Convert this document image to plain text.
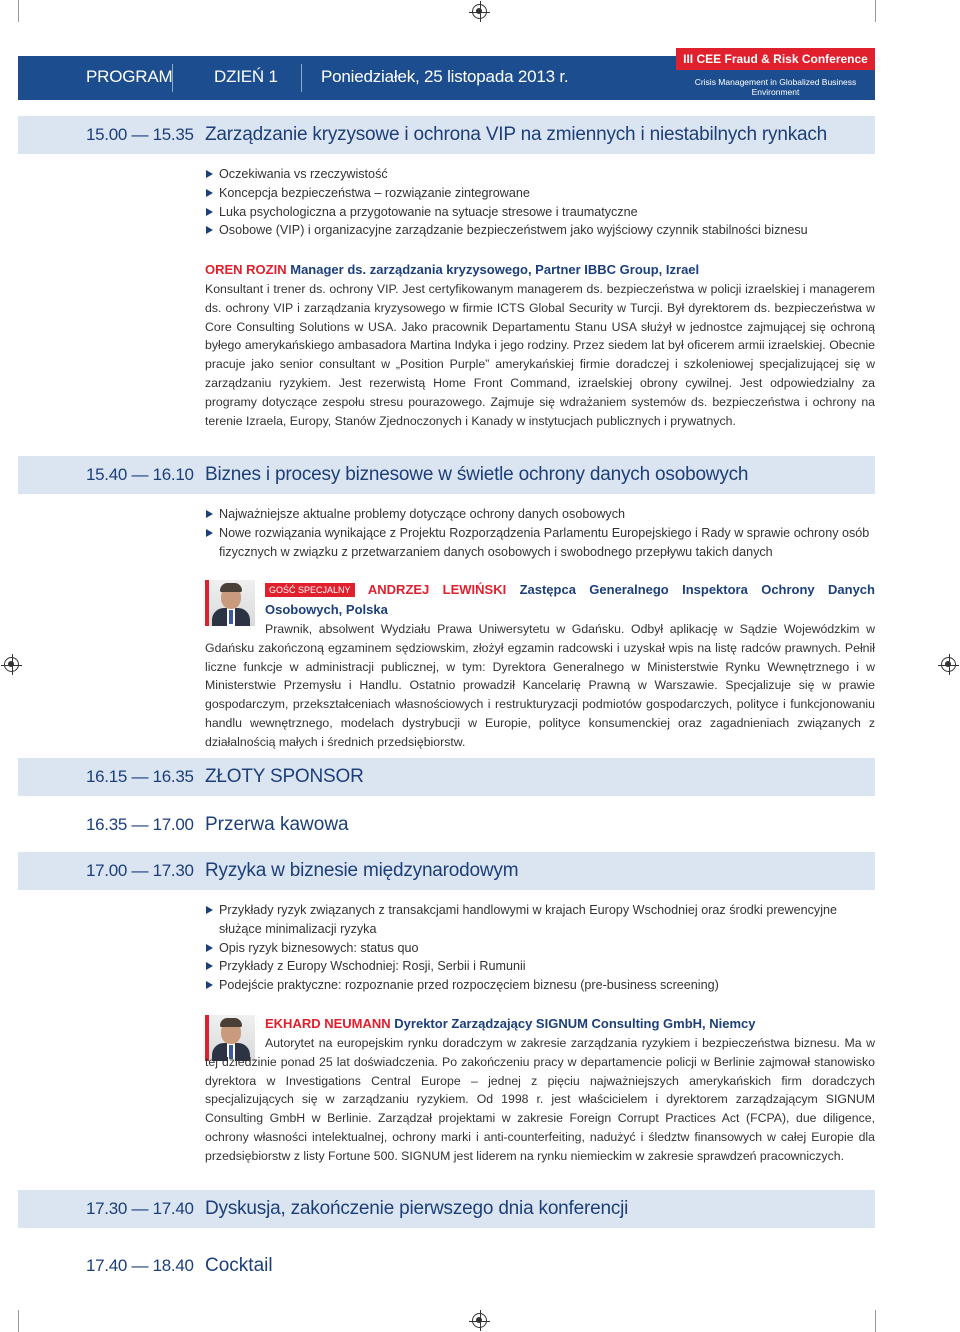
PROGRAM DZIEŃ 1	Poniedziałek, 25 listopada 2013 r.
III CEE Fraud & Risk Conference
Crisis Management in Globalized Business Environment
15.00 — 15.35 Zarządzanie kryzysowe i ochrona VIP na zmiennych i niestabilnych rynkach
Oczekiwania vs rzeczywistość
Koncepcja bezpieczeństwa – rozwiązanie zintegrowane
Luka psychologiczna a przygotowanie na sytuacje stresowe i traumatyczne
Osobowe (VIP) i organizacyjne zarządzanie bezpieczeństwem jako wyjściowy czynnik stabilności biznesu
OREN ROZIN Manager ds. zarządzania kryzysowego, Partner IBBC Group, Izrael
Konsultant i trener ds. ochrony VIP. Jest certyfikowanym managerem ds. bezpieczeństwa w policji izraelskiej i managerem ds. ochrony VIP i zarządzania kryzysowego w firmie ICTS Global Security w Turcji. Był dyrektorem ds. bezpieczeństwa w Core Consulting Solutions w USA. Jako pracownik Departamentu Stanu USA służył w jednostce zajmującej się ochroną byłego amerykańskiego ambasadora Martina Indyka i jego rodziny. Przez siedem lat był oficerem armii izraelskiej. Obecnie pracuje jako senior consultant w „Position Purple” amerykańskiej firmie doradczej i szkoleniowej specjalizującej się w zarządzaniu ryzykiem. Jest rezerwistą Home Front Command, izraelskiej obrony cywilnej. Jest odpowiedzialny za programy dotyczące zespołu stresu pourazowego. Zajmuje się wdrażaniem systemów ds. bezpieczeństwa i ochrony na terenie Izraela, Europy, Stanów Zjednoczonych i Kanady w instytucjach publicznych i prywatnych.
15.40 — 16.10 Biznes i procesy biznesowe w świetle ochrony danych osobowych
Najważniejsze aktualne problemy dotyczące ochrony danych osobowych
Nowe rozwiązania wynikające z Projektu Rozporządzenia Parlamentu Europejskiego i Rady w sprawie ochrony osób fizycznych w związku z przetwarzaniem danych osobowych i swobodnego przepływu takich danych
GOŚĆ SPECJALNY ANDRZEJ LEWIŃSKI Zastępca Generalnego Inspektora Ochrony Danych Osobowych, Polska
Prawnik, absolwent Wydziału Prawa Uniwersytetu w Gdańsku. Odbył aplikację w Sądzie Wojewódzkim w Gdańsku zakończoną egzaminem sędziowskim, złożył egzamin radcowski i uzyskał wpis na listę radców prawnych. Pełnił liczne funkcje w administracji publicznej, w tym: Dyrektora Generalnego w Ministerstwie Rynku Wewnętrznego i w Ministerstwie Przemysłu i Handlu. Ostatnio prowadził Kancelarię Prawną w Warszawie. Specjalizuje się w prawie gospodarczym, przekształceniach własnościowych i restrukturyzacji podmiotów gospodarczych, polityce i funkcjonowaniu handlu wewnętrznego, modelach dystrybucji w Europie, polityce konsumenckiej oraz zagadnieniach związanych z działalnością małych i średnich przedsiębiorstw.
16.15 — 16.35 ZŁOTY SPONSOR
16.35 — 17.00 Przerwa kawowa
17.00 — 17.30 Ryzyka w biznesie międzynarodowym
Przykłady ryzyk związanych z transakcjami handlowymi w krajach Europy Wschodniej oraz środki prewencyjne służące minimalizacji ryzyka
Opis ryzyk biznesowych: status quo
Przykłady z Europy Wschodniej: Rosji, Serbii i Rumunii
Podejście praktyczne: rozpoznanie przed rozpoczęciem biznesu (pre-business screening)
EKHARD NEUMANN Dyrektor Zarządzający SIGNUM Consulting GmbH, Niemcy
Autorytet na europejskim rynku doradczym w zakresie zarządzania ryzykiem i bezpieczeństwa biznesu. Ma w tej dziedzinie ponad 25 lat doświadczenia. Po zakończeniu pracy w departamencie policji w Berlinie zajmował stanowisko dyrektora w Investigations Central Europe – jednej z pięciu najważniejszych amerykańskich firm doradczych specjalizujących się w zarządzaniu ryzykiem. Od 1998 r. jest właścicielem i dyrektorem zarządzającym SIGNUM Consulting GmbH w Berlinie. Zarządzał projektami w zakresie Foreign Corrupt Practices Act (FCPA), due diligence, ochrony własności intelektualnej, ochrony marki i anti-counterfeiting, nadużyć i śledztw finansowych w całej Europie dla przedsiębiorstw z listy Fortune 500. SIGNUM jest liderem na rynku niemieckim w zakresie sprawdzeń pracowniczych.
17.30 — 17.40 Dyskusja, zakończenie pierwszego dnia konferencji
17.40 — 18.40 Cocktail
